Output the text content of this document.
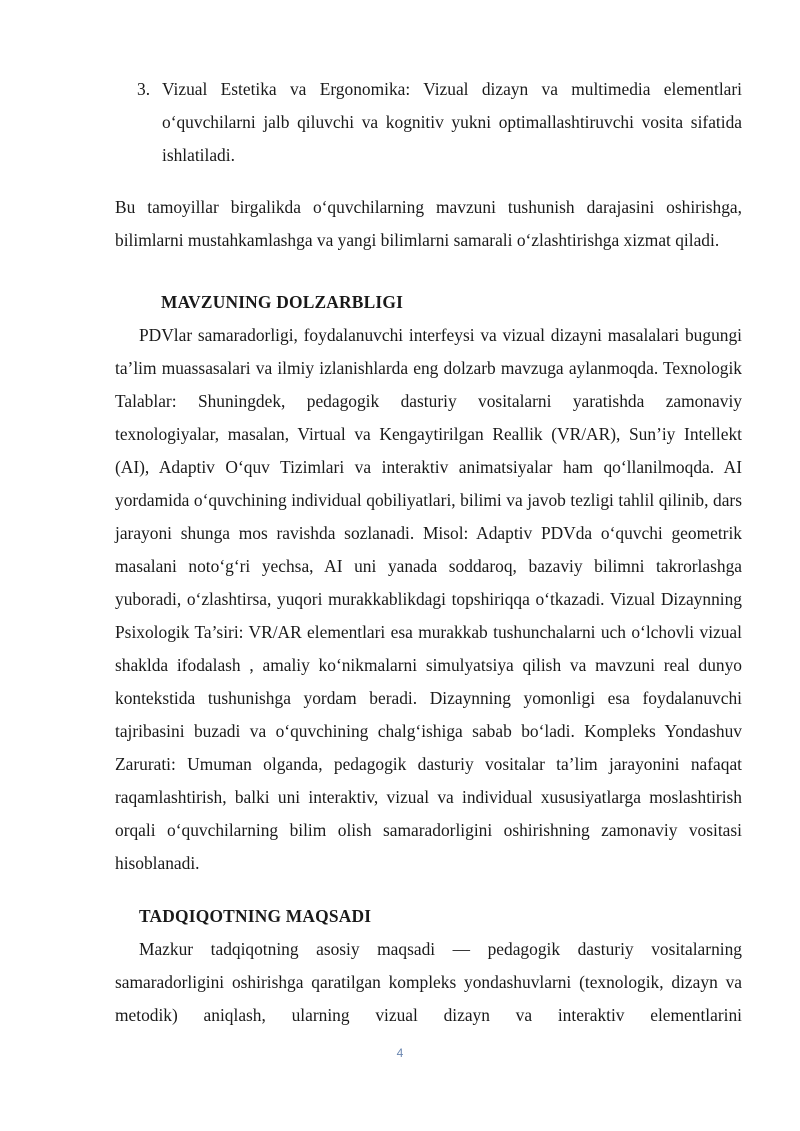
3. Vizual Estetika va Ergonomika: Vizual dizayn va multimedia elementlari o‘quvchilarni jalb qiluvchi va kognitiv yukni optimallashtiruvchi vosita sifatida ishlatiladi.

Bu tamoyillar birgalikda o‘quvchilarning mavzuni tushunish darajasini oshirishga, bilimlarni mustahkamlashga va yangi bilimlarni samarali o‘zlashtirishga xizmat qiladi.

MAVZUNING DOLZARBLIGI

PDVlar samaradorligi, foydalanuvchi interfeysi va vizual dizayni masalalari bugungi ta’lim muassasalari va ilmiy izlanishlarda eng dolzarb mavzuga aylanmoqda. Texnologik Talablar: Shuningdek, pedagogik dasturiy vositalarni yaratishda zamonaviy texnologiyalar, masalan, Virtual va Kengaytirilgan Reallik (VR/AR), Sun’iy Intellekt (AI), Adaptiv O‘quv Tizimlari va interaktiv animatsiyalar ham qo‘llanilmoqda. AI yordamida o‘quvchining individual qobiliyatlari, bilimi va javob tezligi tahlil qilinib, dars jarayoni shunga mos ravishda sozlanadi. Misol: Adaptiv PDVda o‘quvchi geometrik masalani noto‘g‘ri yechsa, AI uni yanada soddaroq, bazaviy bilimni takrorlashga yuboradi, o‘zlashtirsa, yuqori murakkablikdagi topshiriqqa o‘tkazadi. Vizual Dizaynning Psixologik Ta’siri: VR/AR elementlari esa murakkab tushunchalarni uch o‘lchovli vizual shaklda ifodalash , amaliy ko‘nikmalarni simulyatsiya qilish va mavzuni real dunyo kontekstida tushunishga yordam beradi. Dizaynning yomonligi esa foydalanuvchi tajribasini buzadi va o‘quvchining chalg‘ishiga sabab bo‘ladi. Kompleks Yondashuv Zarurati: Umuman olganda, pedagogik dasturiy vositalar ta’lim jarayonini nafaqat raqamlashtirish, balki uni interaktiv, vizual va individual xususiyatlarga moslashtirish orqali o‘quvchilarning bilim olish samaradorligini oshirishning zamonaviy vositasi hisoblanadi.

TADQIQOTNING MAQSADI

Mazkur tadqiqotning asosiy maqsadi — pedagogik dasturiy vositalarning samaradorligini oshirishga qaratilgan kompleks yondashuvlarni (texnologik, dizayn va metodik) aniqlash, ularning vizual dizayn va interaktiv elementlarini

4
